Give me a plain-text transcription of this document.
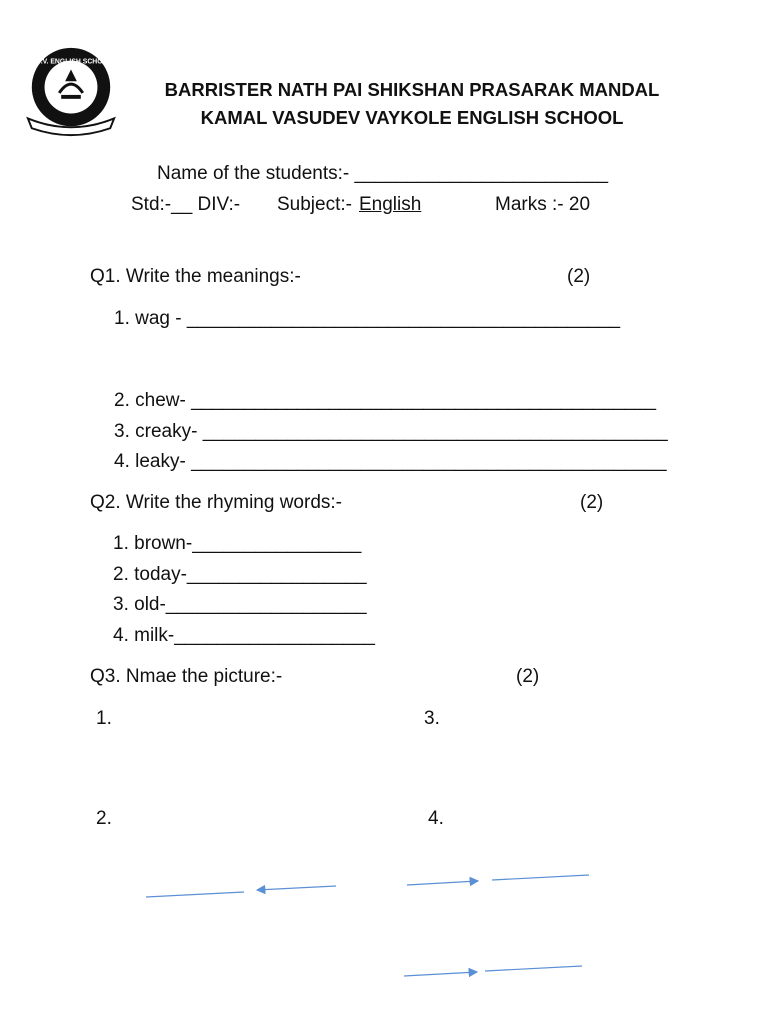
K.V.V. ENGLISH SCHOOL
BARRISTER NATH PAI SHIKSHAN PRASARAK MANDAL
KAMAL VASUDEV VAYKOLE ENGLISH SCHOOL
Name of the students:- ________________________
Std:-__ DIV:- Subject:- English	Marks :- 20
Q1. Write the meanings:-	(2)
1. wag - _________________________________________
2. chew- ____________________________________________
3. creaky- ____________________________________________
4. leaky- _____________________________________________
Q2. Write the rhyming words:-	(2)
1. brown-________________
2. today-_________________
3. old-___________________
4. milk-___________________
Q3. Nmae the picture:-	(2)
1.	3.
2.	4.
